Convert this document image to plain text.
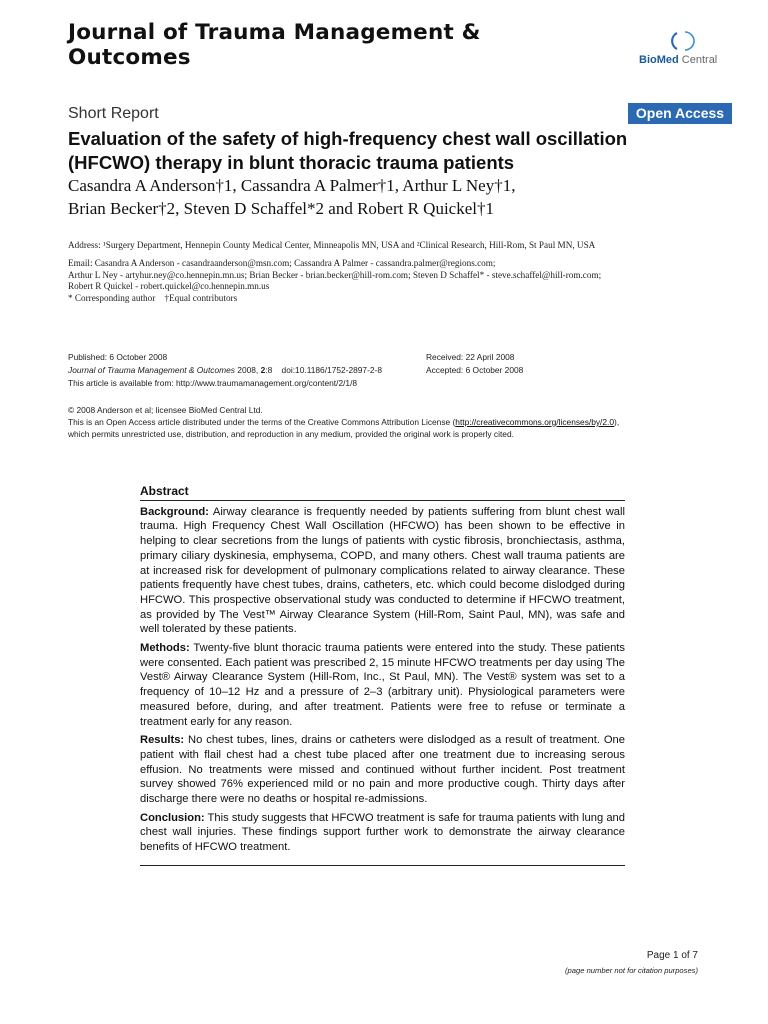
Journal of Trauma Management &
Outcomes	BioMed Central
Short Report	Open Access
Evaluation of the safety of high-frequency chest wall oscillation
(HFCWO) therapy in blunt thoracic trauma patients
Casandra A Anderson†1, Cassandra A Palmer†1, Arthur L Ney†1,
Brian Becker†2, Steven D Schaffel*2 and Robert R Quickel†1

Address: ¹Surgery Department, Hennepin County Medical Center, Minneapolis MN, USA and ²Clinical Research, Hill-Rom, St Paul MN, USA

Email: Casandra A Anderson - casandraanderson@msn.com; Cassandra A Palmer - cassandra.palmer@regions.com;

Arthur L Ney - artyhur.ney@co.hennepin.mn.us; Brian Becker - brian.becker@hill-rom.com; Steven D Schaffel* - steve.schaffel@hill-rom.com;

Robert R Quickel - robert.quickel@co.hennepin.mn.us

* Corresponding author    †Equal contributors

Published: 6 October 2008

Journal of Trauma Management & Outcomes 2008, 2:8    doi:10.1186/1752-2897-2-8

This article is available from: http://www.traumamanagement.org/content/2/1/8

Received: 22 April 2008

Accepted: 6 October 2008

© 2008 Anderson et al; licensee BioMed Central Ltd.

This is an Open Access article distributed under the terms of the Creative Commons Attribution License (http://creativecommons.org/licenses/by/2.0),

which permits unrestricted use, distribution, and reproduction in any medium, provided the original work is properly cited.

Abstract

Background: Airway clearance is frequently needed by patients suffering from blunt chest wall trauma. High Frequency Chest Wall Oscillation (HFCWO) has been shown to be effective in helping to clear secretions from the lungs of patients with cystic fibrosis, bronchiectasis, asthma, primary ciliary dyskinesia, emphysema, COPD, and many others. Chest wall trauma patients are at increased risk for development of pulmonary complications related to airway clearance. These patients frequently have chest tubes, drains, catheters, etc. which could become dislodged during HFCWO. This prospective observational study was conducted to determine if HFCWO treatment, as provided by The Vest™ Airway Clearance System (Hill-Rom, Saint Paul, MN), was safe and well tolerated by these patients.

Methods: Twenty-five blunt thoracic trauma patients were entered into the study. These patients were consented. Each patient was prescribed 2, 15 minute HFCWO treatments per day using The Vest® Airway Clearance System (Hill-Rom, Inc., St Paul, MN). The Vest® system was set to a frequency of 10–12 Hz and a pressure of 2–3 (arbitrary unit). Physiological parameters were measured before, during, and after treatment. Patients were free to refuse or terminate a treatment early for any reason.

Results: No chest tubes, lines, drains or catheters were dislodged as a result of treatment. One patient with flail chest had a chest tube placed after one treatment due to increasing serous effusion. No treatments were missed and continued without further incident. Post treatment survey showed 76% experienced mild or no pain and more productive cough. Thirty days after discharge there were no deaths or hospital re-admissions.

Conclusion: This study suggests that HFCWO treatment is safe for trauma patients with lung and chest wall injuries. These findings support further work to demonstrate the airway clearance benefits of HFCWO treatment.

Page 1 of 7
(page number not for citation purposes)
